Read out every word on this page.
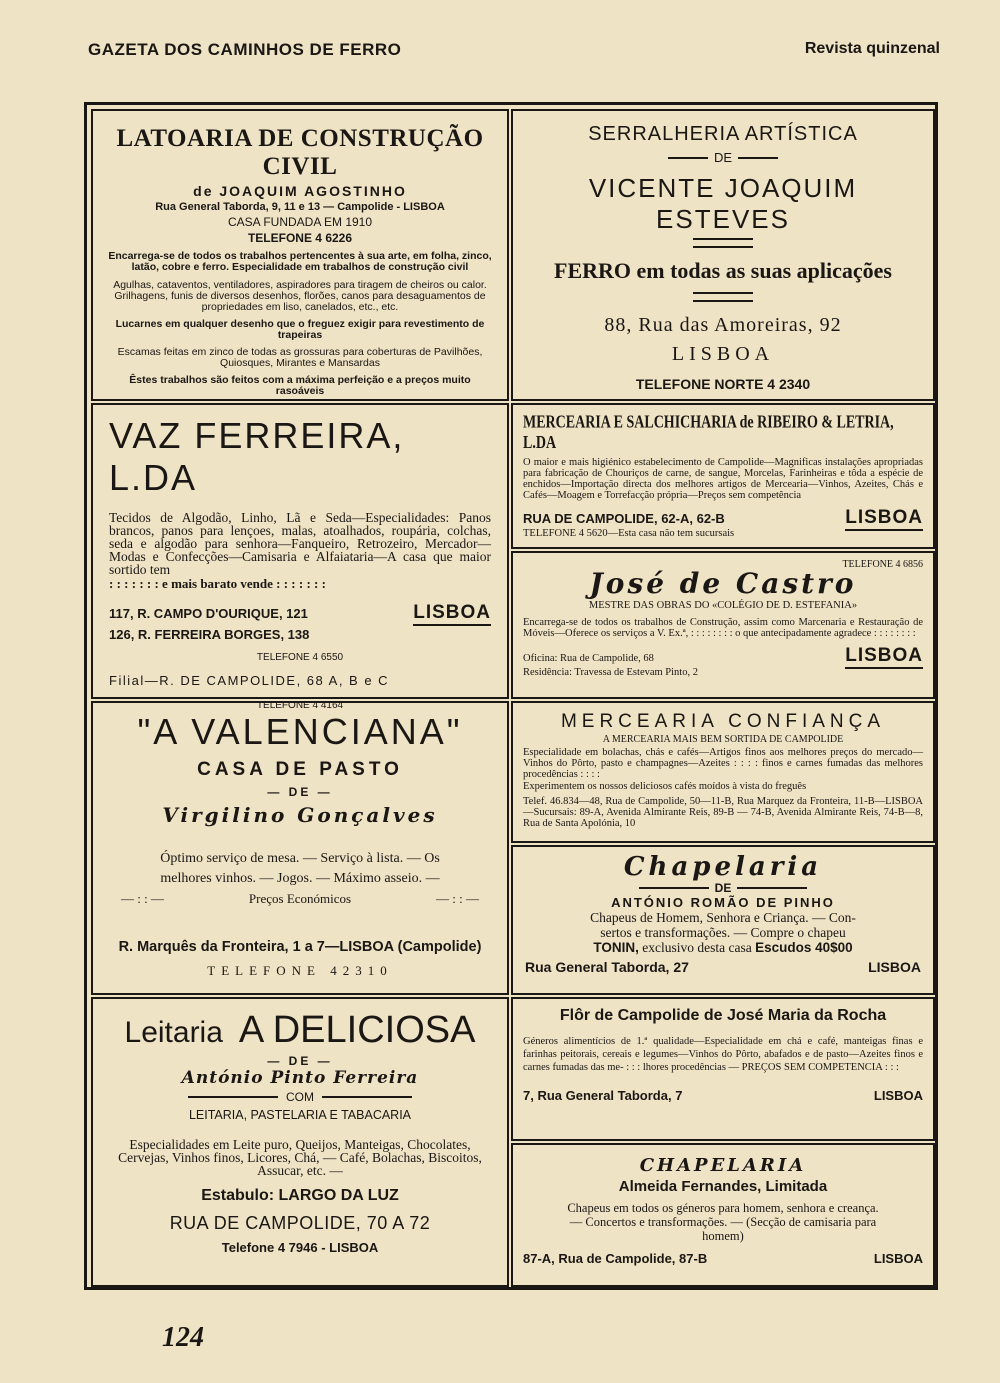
GAZETA DOS CAMINHOS DE FERRO	Revista quinzenal
LATOARIA DE CONSTRUÇÃO CIVIL
de JOAQUIM AGOSTINHO
Rua General Taborda, 9, 11 e 13 — Campolide - LISBOA
CASA FUNDADA EM 1910
TELEFONE 4 6226
Encarrega-se de todos os trabalhos pertencentes à sua arte, em folha, zinco, latão, cobre e ferro. Especialidade em trabalhos de construção civil
Agulhas, cataventos, ventiladores, aspiradores para tiragem de cheiros ou calor. Grilhagens, funis de diversos desenhos, florões, canos para desaguamentos de propriedades em liso, canelados, etc., etc.
Lucarnes em qualquer desenho que o freguez exigir para revestimento de trapeiras
Escamas feitas em zinco de todas as grossuras para coberturas de Pavilhões, Quiosques, Mirantes e Mansardas
Êstes trabalhos são feitos com a máxima perfeição e a preços muito rasoáveis
SERRALHERIA ARTÍSTICA
DE
VICENTE JOAQUIM ESTEVES
FERRO em todas as suas aplicações
88, Rua das Amoreiras, 92
LISBOA
TELEFONE NORTE 4 2340
VAZ FERREIRA, L.DA
Tecidos de Algodão, Linho, Lã e Seda—Especialidades: Panos brancos, panos para lençoes, malas, atoalhados, roupária, colchas, seda e algodão para senhora—Fanqueiro, Retrozeiro, Mercador—Modas e Confecções—Camisaria e Alfaiataria—A casa que maior sortido tem
: : : : : : : e mais barato vende : : : : : : :
117, R. CAMPO D'OURIQUE, 121
126, R. FERREIRA BORGES, 138
LISBOA
TELEFONE 4 6550
Filial—R. DE CAMPOLIDE, 68 A, B e C
TELEFONE 4 4164
MERCEARIA E SALCHICHARIA de RIBEIRO & LETRIA, L.DA
O maior e mais higiénico estabelecimento de Campolide—Magnificas instalações apropriadas para fabricação de Chouriços de carne, de sangue, Morcelas, Farinheiras e tôda a espécie de enchidos—Importação directa dos melhores artigos de Mercearia—Vinhos, Azeites, Chás e Cafés—Moagem e Torrefacção própria—Preços sem competência
RUA DE CAMPOLIDE, 62-A, 62-B
TELEFONE 4 5620—Esta casa não tem sucursais
LISBOA
TELEFONE 4 6856
José de Castro
MESTRE DAS OBRAS DO «COLÉGIO DE D. ESTEFANIA»
Encarrega-se de todos os trabalhos de Construção, assim como Marcenaria e Restauração de Móveis—Oferece os serviços a V. Ex.ª, : : : : : : : : o que antecipadamente agradece : : : : : : : :
Oficina: Rua de Campolide, 68
Residência: Travessa de Estevam Pinto, 2
LISBOA
"A VALENCIANA"
CASA DE PASTO
— DE —
Virgilino Gonçalves
Óptimo serviço de mesa. — Serviço à lista. — Os
melhores vinhos. — Jogos. — Máximo asseio. —
— : : —	Preços Económicos	— : : —
R. Marquês da Fronteira, 1 a 7—LISBOA (Campolide)
TELEFONE 42310
MERCEARIA CONFIANÇA
A MERCEARIA MAIS BEM SORTIDA DE CAMPOLIDE
Especialidade em bolachas, chás e cafés—Artigos finos aos melhores preços do mercado—Vinhos do Pôrto, pasto e champagnes—Azeites : : : : finos e carnes fumadas das melhores procedências : : : :
Experimentem os nossos deliciosos cafés moídos à vista do freguês
Telef. 46.834—48, Rua de Campolide, 50—11-B, Rua Marquez da Fronteira, 11-B—LISBOA—Sucursais: 89-A, Avenida Almirante Reis, 89-B — 74-B, Avenida Almirante Reis, 74-B—8, Rua de Santa Apolónia, 10
Chapelaria
DE
ANTÓNIO ROMÃO DE PINHO
Chapeus de Homem, Senhora e Criança. — Con-
sertos e transformações. — Compre o chapeu
TONIN, exclusivo desta casa Escudos 40$00
Rua General Taborda, 27	LISBOA
Leitaria A DELICIOSA
— DE —
António Pinto Ferreira
COM
LEITARIA, PASTELARIA E TABACARIA
Especialidades em Leite puro, Queijos, Manteigas, Chocolates, Cervejas, Vinhos finos, Licores, Chá, — Café, Bolachas, Biscoitos, Assucar, etc. —
Estabulo: LARGO DA LUZ
RUA DE CAMPOLIDE, 70 A 72
Telefone 4 7946 - LISBOA
Flôr de Campolide de José Maria da Rocha
Géneros alimentícios de 1.ª qualidade—Especialidade em chá e café, manteigas finas e farinhas peitorais, cereais e legumes—Vinhos do Pôrto, abafados e de pasto—Azeites finos e carnes fumadas das me- : : : lhores procedências — PREÇOS SEM COMPETENCIA : : :
7, Rua General Taborda, 7	LISBOA
CHAPELARIA
Almeida Fernandes, Limitada
Chapeus em todos os géneros para homem, senhora e creança. — Concertos e transformações. — (Secção de camisaria para homem)
87-A, Rua de Campolide, 87-B	LISBOA
124
